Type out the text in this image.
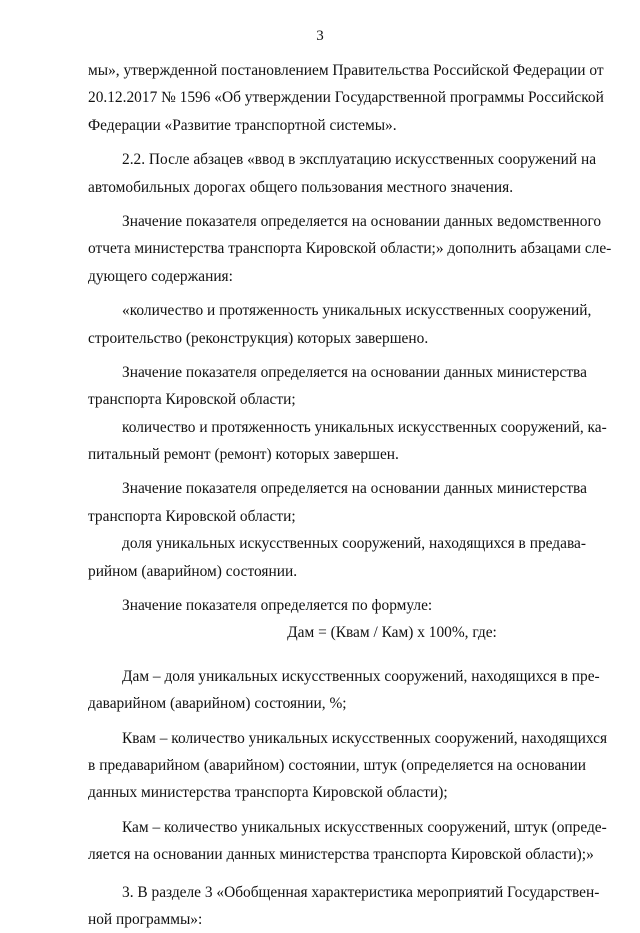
3
мы», утвержденной постановлением Правительства Российской Федерации от
20.12.2017 № 1596 «Об утверждении Государственной программы Российской
Федерации «Развитие транспортной системы».
2.2. После абзацев «ввод в эксплуатацию искусственных сооружений на
автомобильных дорогах общего пользования местного значения.
Значение показателя определяется на основании данных ведомственного
отчета министерства транспорта Кировской области;» дополнить абзацами сле-
дующего содержания:
«количество и протяженность уникальных искусственных сооружений,
строительство (реконструкция) которых завершено.
Значение показателя определяется на основании данных министерства
транспорта Кировской области;
количество и протяженность уникальных искусственных сооружений, ка-
питальный ремонт (ремонт) которых завершен.
Значение показателя определяется на основании данных министерства
транспорта Кировской области;
доля уникальных искусственных сооружений, находящихся в предава-
рийном (аварийном) состоянии.
Значение показателя определяется по формуле:
Дам = (Квам / Кам) х 100%, где:
Дам – доля уникальных искусственных сооружений, находящихся в пре-
даварийном (аварийном) состоянии, %;
Квам – количество уникальных искусственных сооружений, находящихся
в предаварийном (аварийном) состоянии, штук (определяется на основании
данных министерства транспорта Кировской области);
Кам – количество уникальных искусственных сооружений, штук (опреде-
ляется на основании данных министерства транспорта Кировской области);»
3. В разделе 3 «Обобщенная характеристика мероприятий Государствен-
ной программы»:
